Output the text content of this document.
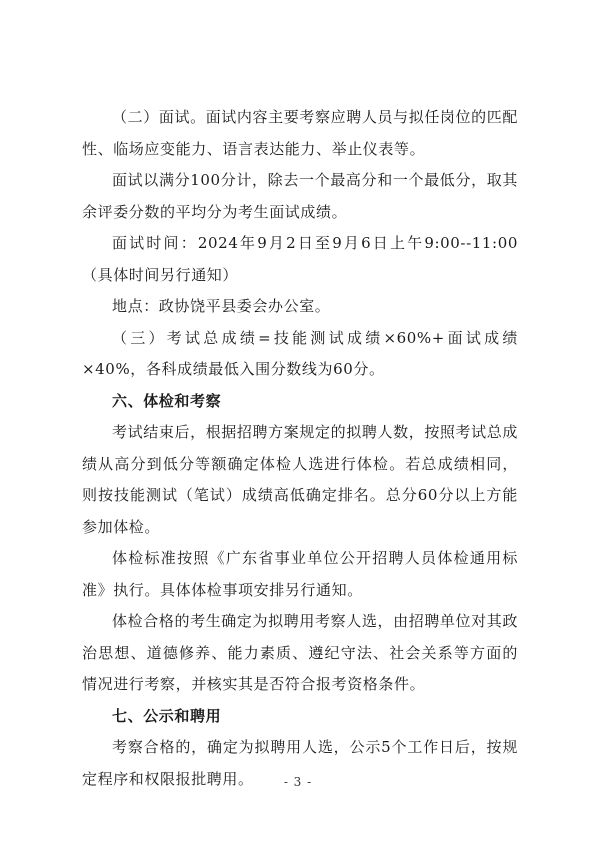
（二）面试。面试内容主要考察应聘人员与拟任岗位的匹配性、临场应变能力、语言表达能力、举止仪表等。

面试以满分100分计，除去一个最高分和一个最低分，取其余评委分数的平均分为考生面试成绩。

面试时间：2024年9月2日至9月6日上午9:00--11:00（具体时间另行通知）

地点：政协饶平县委会办公室。

（三）考试总成绩=技能测试成绩×60%+面试成绩×40%，各科成绩最低入围分数线为60分。

六、体检和考察

考试结束后，根据招聘方案规定的拟聘人数，按照考试总成绩从高分到低分等额确定体检人选进行体检。若总成绩相同，则按技能测试（笔试）成绩高低确定排名。总分60分以上方能参加体检。

体检标准按照《广东省事业单位公开招聘人员体检通用标准》执行。具体体检事项安排另行通知。

体检合格的考生确定为拟聘用考察人选，由招聘单位对其政治思想、道德修养、能力素质、遵纪守法、社会关系等方面的情况进行考察，并核实其是否符合报考资格条件。

七、公示和聘用

考察合格的，确定为拟聘用人选，公示5个工作日后，按规定程序和权限报批聘用。	- 3 -
